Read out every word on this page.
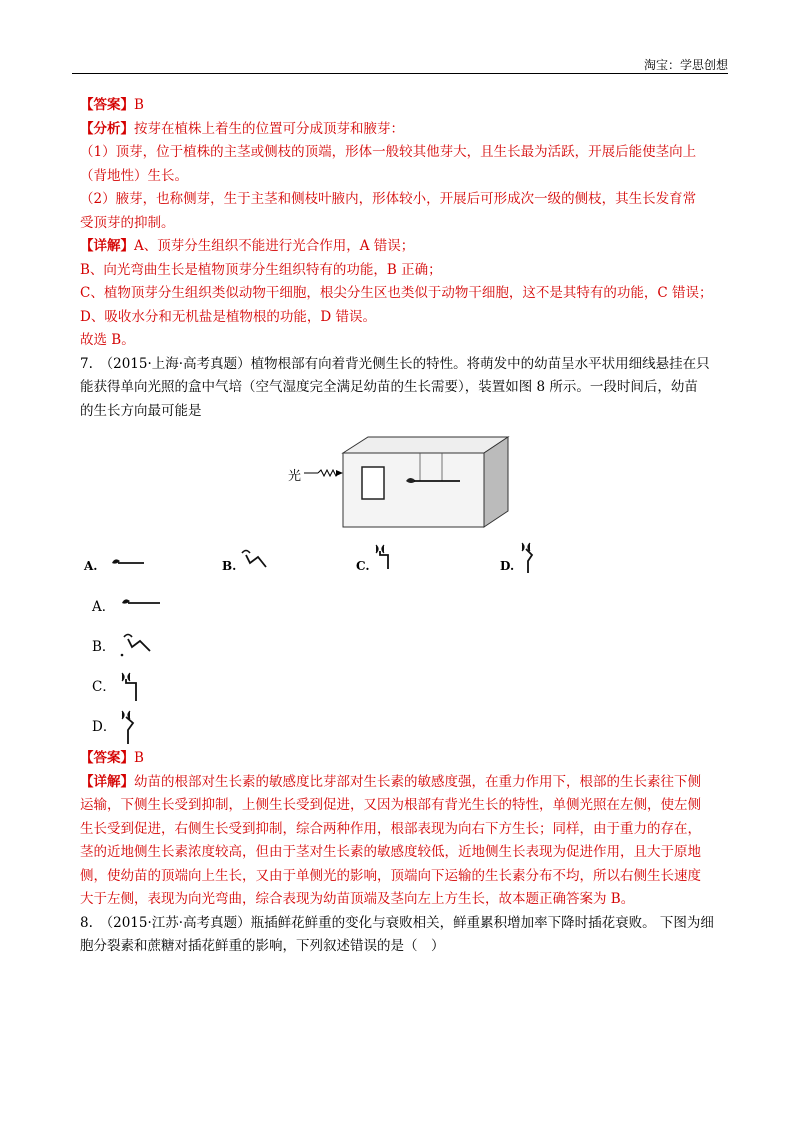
淘宝：学思创想
【答案】B
【分析】按芽在植株上着生的位置可分成顶芽和腋芽：
（1）顶芽，位于植株的主茎或侧枝的顶端，形体一般较其他芽大，且生长最为活跃，开展后能使茎向上
（背地性）生长。
（2）腋芽，也称侧芽，生于主茎和侧枝叶腋内，形体较小，开展后可形成次一级的侧枝，其生长发育常
受顶芽的抑制。
【详解】A、顶芽分生组织不能进行光合作用，A 错误；
B、向光弯曲生长是植物顶芽分生组织特有的功能，B 正确；
C、植物顶芽分生组织类似动物干细胞，根尖分生区也类似于动物干细胞，这不是其特有的功能，C 错误；
D、吸收水分和无机盐是植物根的功能，D 错误。
故选 B。
7.　（2015·上海·高考真题）植物根部有向着背光侧生长的特性。将萌发中的幼苗呈水平状用细线悬挂在只
能获得单向光照的盒中气培（空气湿度完全满足幼苗的生长需要），装置如图 8 所示。一段时间后，幼苗
的生长方向最可能是
光
A.	B.	C.	D.
A．
B．
C．
D．
【答案】B
【详解】幼苗的根部对生长素的敏感度比芽部对生长素的敏感度强，在重力作用下，根部的生长素往下侧
运输，下侧生长受到抑制，上侧生长受到促进，又因为根部有背光生长的特性，单侧光照在左侧，使左侧
生长受到促进，右侧生长受到抑制，综合两种作用，根部表现为向右下方生长；同样，由于重力的存在，
茎的近地侧生长素浓度较高，但由于茎对生长素的敏感度较低，近地侧生长表现为促进作用，且大于原地
侧，使幼苗的顶端向上生长，又由于单侧光的影响，顶端向下运输的生长素分布不均，所以右侧生长速度
大于左侧，表现为向光弯曲，综合表现为幼苗顶端及茎向左上方生长，故本题正确答案为 B。
8.　（2015·江苏·高考真题）瓶插鲜花鲜重的变化与衰败相关，鲜重累积增加率下降时插花衰败。 下图为细
胞分裂素和蔗糖对插花鲜重的影响，下列叙述错误的是（　）
